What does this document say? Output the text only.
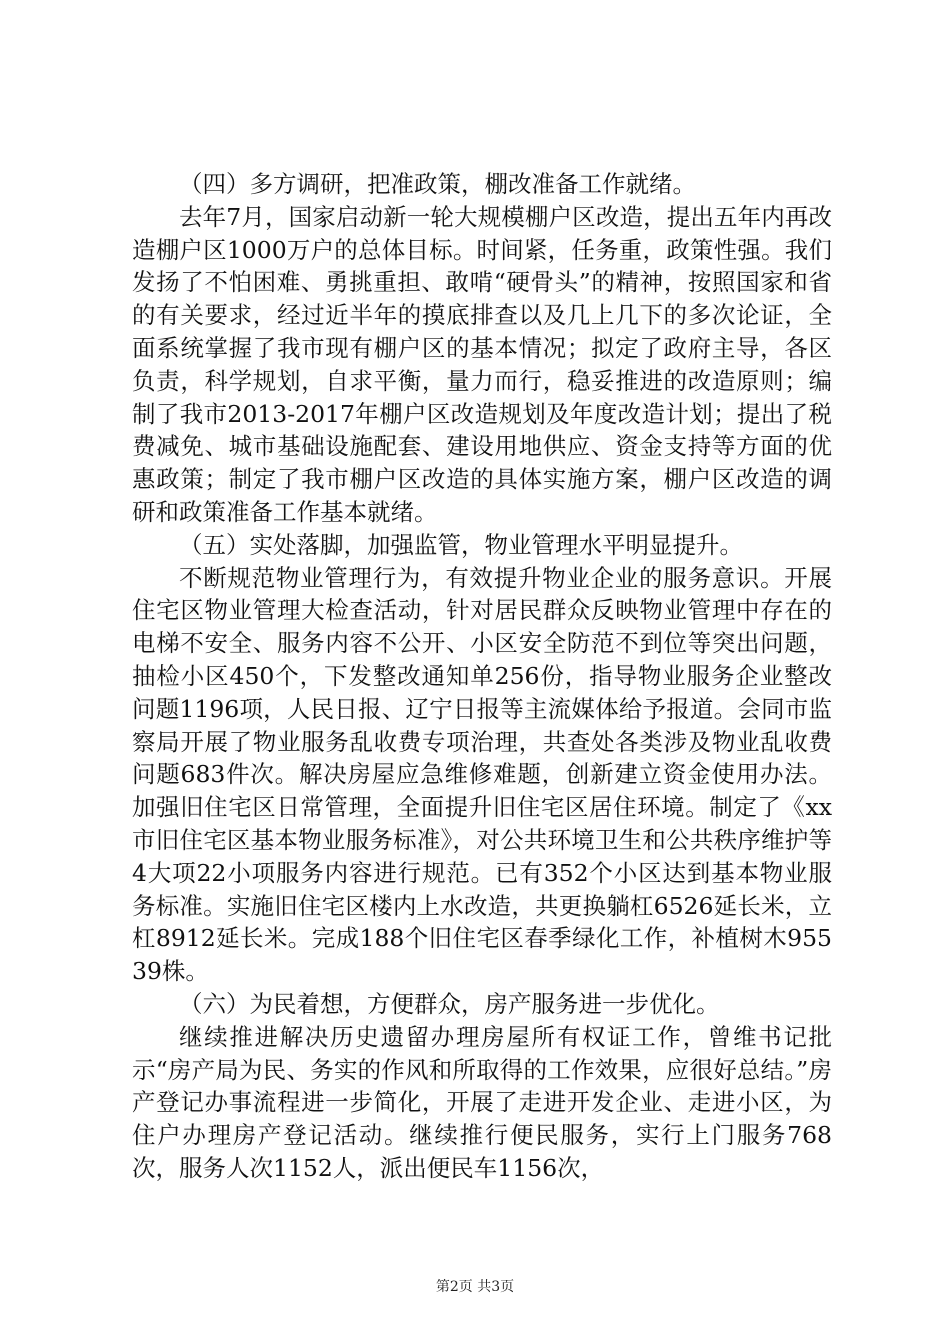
（四）多方调研，把准政策，棚改准备工作就绪。

去年7月，国家启动新一轮大规模棚户区改造，提出五年内再改造棚户区1000万户的总体目标。时间紧，任务重，政策性强。我们发扬了不怕困难、勇挑重担、敢啃“硬骨头”的精神，按照国家和省的有关要求，经过近半年的摸底排查以及几上几下的多次论证，全面系统掌握了我市现有棚户区的基本情况；拟定了政府主导，各区负责，科学规划，自求平衡，量力而行，稳妥推进的改造原则；编制了我市2013-2017年棚户区改造规划及年度改造计划；提出了税费减免、城市基础设施配套、建设用地供应、资金支持等方面的优惠政策；制定了我市棚户区改造的具体实施方案，棚户区改造的调研和政策准备工作基本就绪。

（五）实处落脚，加强监管，物业管理水平明显提升。

不断规范物业管理行为，有效提升物业企业的服务意识。开展住宅区物业管理大检查活动，针对居民群众反映物业管理中存在的电梯不安全、服务内容不公开、小区安全防范不到位等突出问题，抽检小区450个，下发整改通知单256份，指导物业服务企业整改问题1196项，人民日报、辽宁日报等主流媒体给予报道。会同市监察局开展了物业服务乱收费专项治理，共查处各类涉及物业乱收费问题683件次。解决房屋应急维修难题，创新建立资金使用办法。加强旧住宅区日常管理，全面提升旧住宅区居住环境。制定了《xx市旧住宅区基本物业服务标准》，对公共环境卫生和公共秩序维护等4大项22小项服务内容进行规范。已有352个小区达到基本物业服务标准。实施旧住宅区楼内上水改造，共更换躺杠6526延长米，立杠8912延长米。完成188个旧住宅区春季绿化工作，补植树木95539株。

（六）为民着想，方便群众，房产服务进一步优化。

继续推进解决历史遗留办理房屋所有权证工作，曾维书记批示“房产局为民、务实的作风和所取得的工作效果，应很好总结。”房产登记办事流程进一步简化，开展了走进开发企业、走进小区，为住户办理房产登记活动。继续推行便民服务，实行上门服务768次，服务人次1152人，派出便民车1156次，

第2页 共3页
